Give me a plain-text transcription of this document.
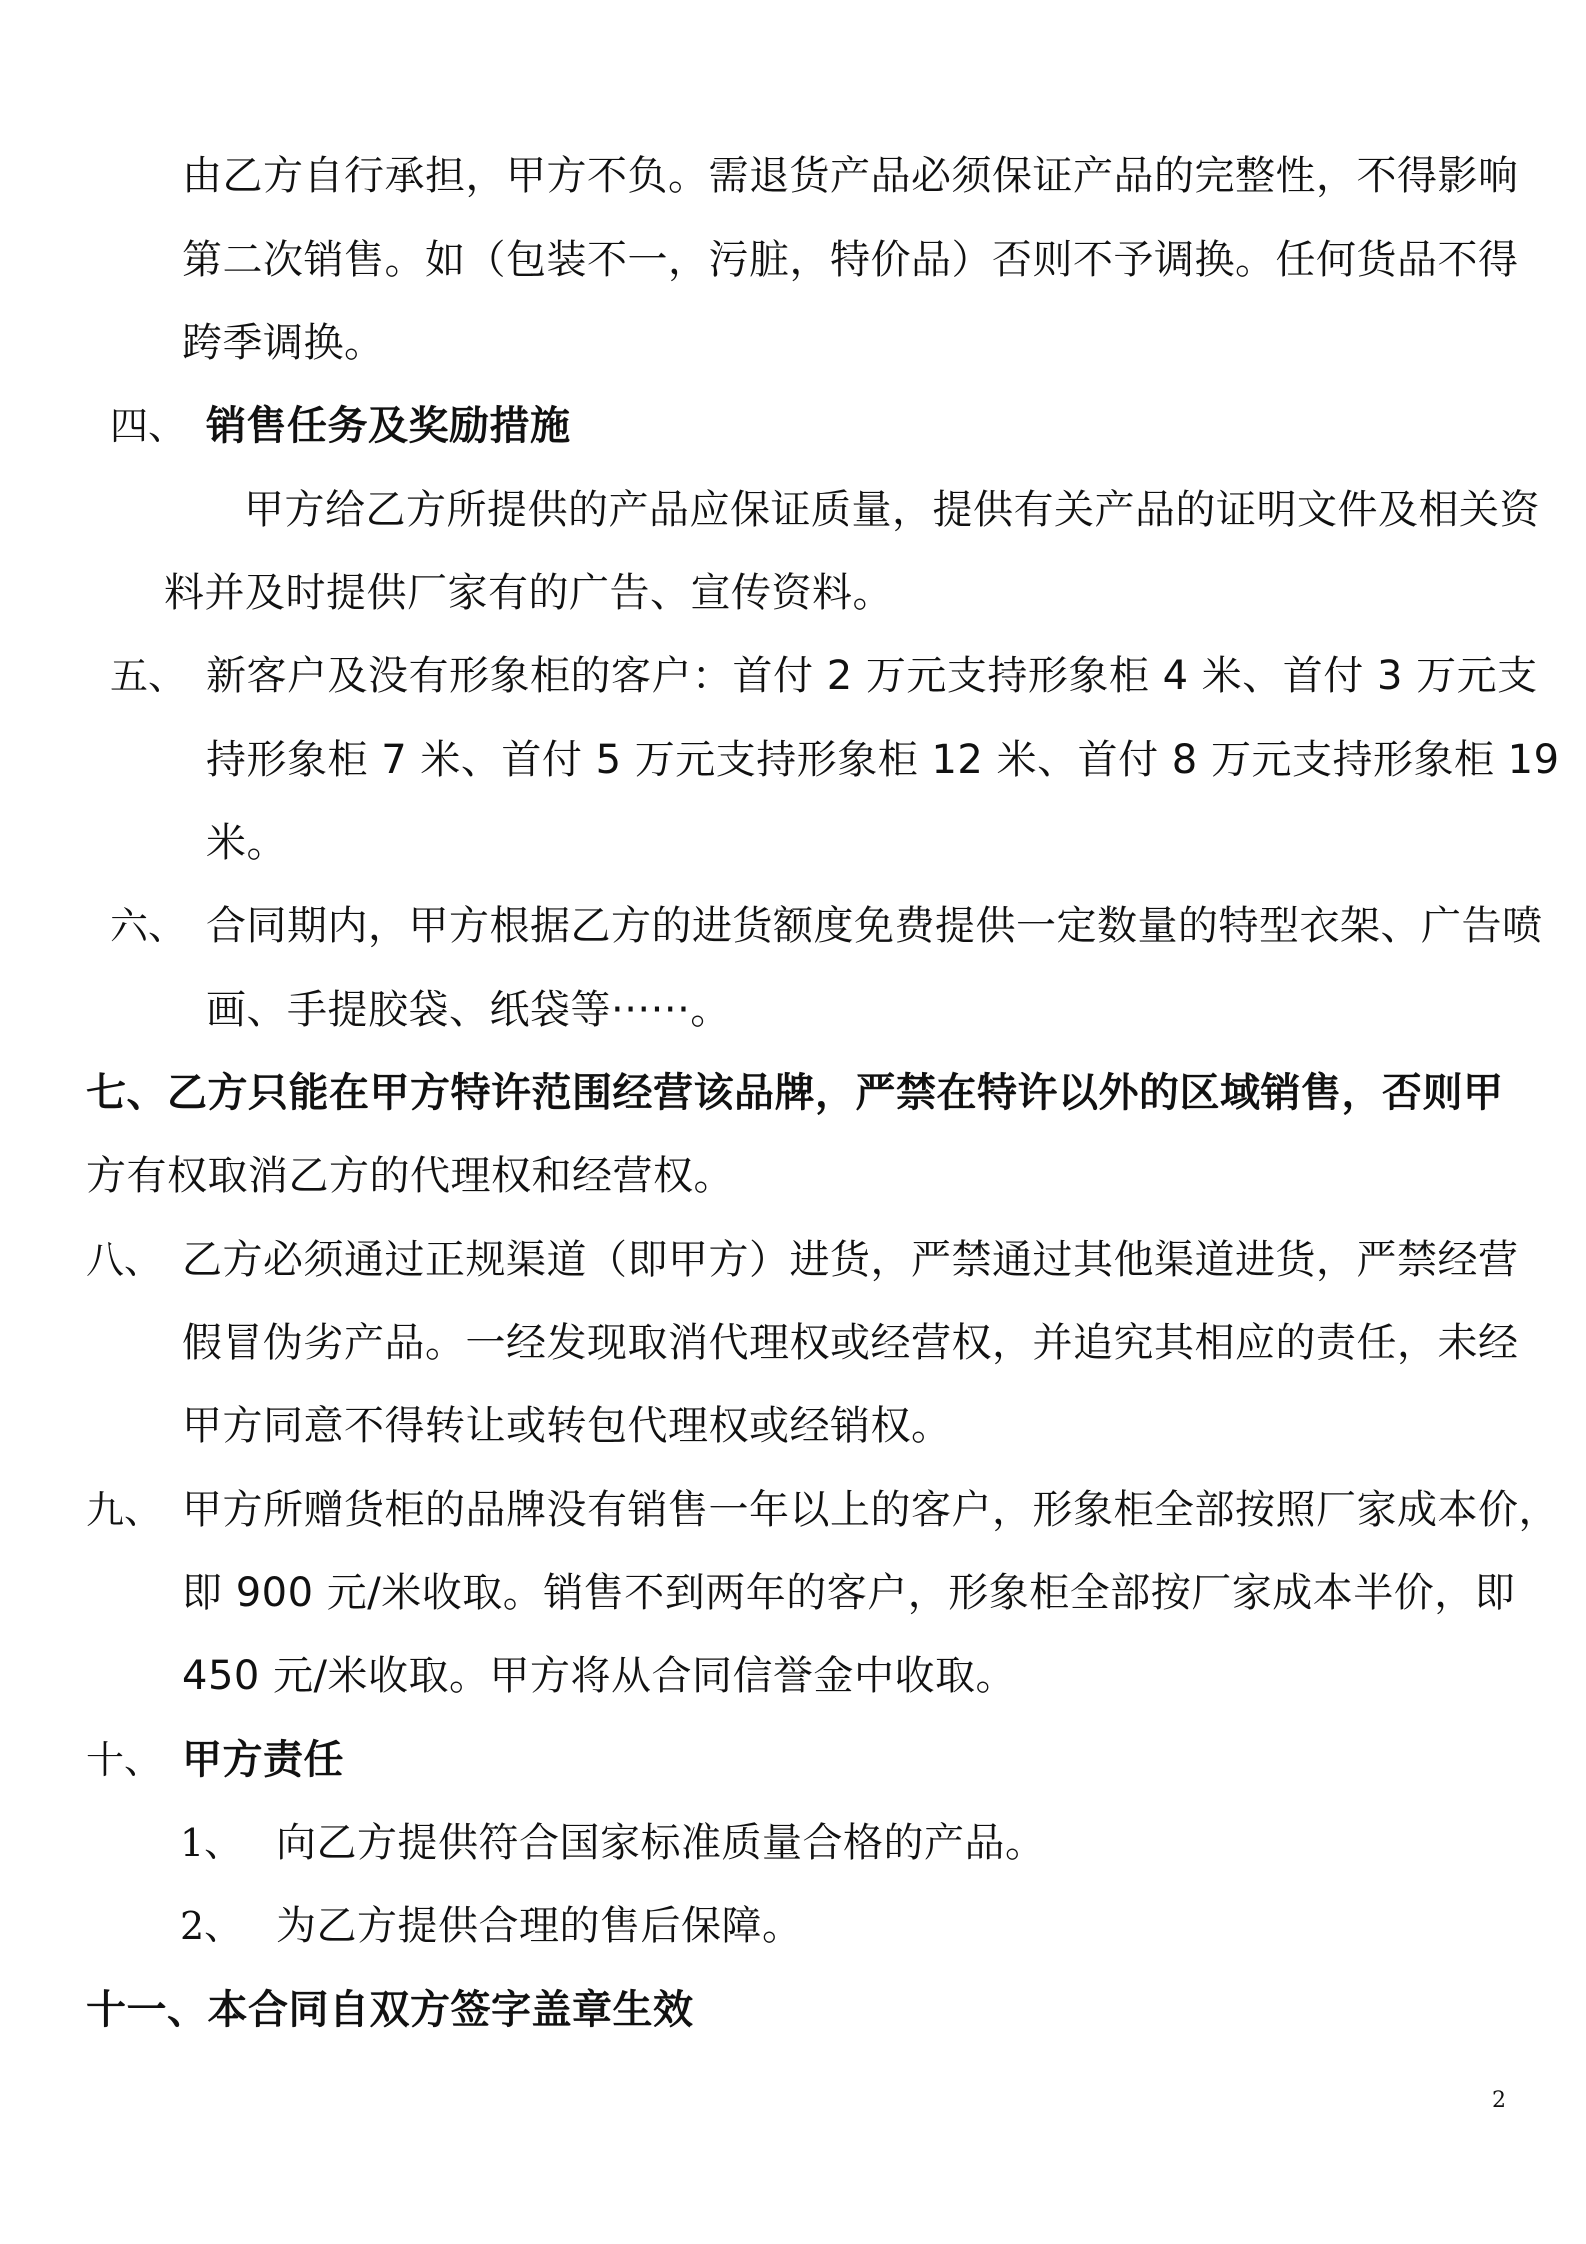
由乙方自行承担，甲方不负。需退货产品必须保证产品的完整性，不得影响
第二次销售。如（包装不一，污脏，特价品）否则不予调换。任何货品不得
跨季调换。
四、 销售任务及奖励措施
甲方给乙方所提供的产品应保证质量，提供有关产品的证明文件及相关资
料并及时提供厂家有的广告、宣传资料。
五、 新客户及没有形象柜的客户：首付 2 万元支持形象柜 4 米、首付 3 万元支
持形象柜 7 米、首付 5 万元支持形象柜 12 米、首付 8 万元支持形象柜 19
米。
六、 合同期内，甲方根据乙方的进货额度免费提供一定数量的特型衣架、广告喷
画、手提胶袋、纸袋等······。
七、乙方只能在甲方特许范围经营该品牌，严禁在特许以外的区域销售，否则甲
方有权取消乙方的代理权和经营权。
八、 乙方必须通过正规渠道（即甲方）进货，严禁通过其他渠道进货，严禁经营
假冒伪劣产品。一经发现取消代理权或经营权，并追究其相应的责任，未经
甲方同意不得转让或转包代理权或经销权。
九、 甲方所赠货柜的品牌没有销售一年以上的客户，形象柜全部按照厂家成本价，
即 900 元/米收取。销售不到两年的客户，形象柜全部按厂家成本半价，即
450 元/米收取。甲方将从合同信誉金中收取。
十、 甲方责任
1、 向乙方提供符合国家标准质量合格的产品。
2、 为乙方提供合理的售后保障。
十一、本合同自双方签字盖章生效
2
